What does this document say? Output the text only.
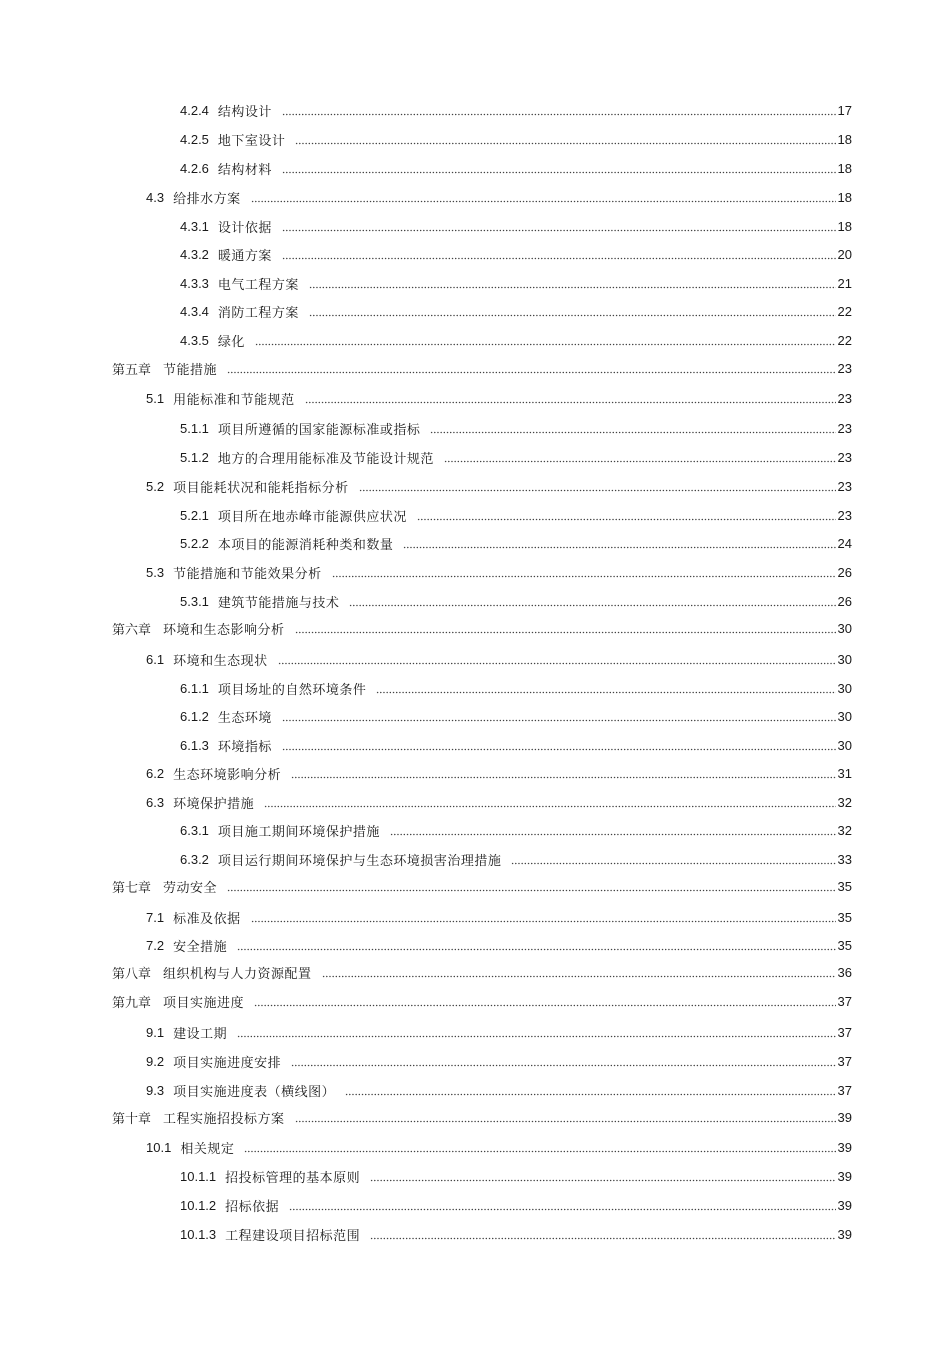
4.2.4 结构设计	17
4.2.5 地下室设计	18
4.2.6 结构材料	18
4.3 给排水方案	18
4.3.1 设计依据	18
4.3.2 暖通方案	20
4.3.3 电气工程方案	21
4.3.4 消防工程方案	22
4.3.5 绿化	22
第五章 节能措施	23
5.1 用能标准和节能规范	23
5.1.1 项目所遵循的国家能源标准或指标	23
5.1.2 地方的合理用能标准及节能设计规范	23
5.2 项目能耗状况和能耗指标分析	23
5.2.1 项目所在地赤峰市能源供应状况	23
5.2.2 本项目的能源消耗种类和数量	24
5.3 节能措施和节能效果分析	26
5.3.1 建筑节能措施与技术	26
第六章 环境和生态影响分析	30
6.1 环境和生态现状	30
6.1.1 项目场址的自然环境条件	30
6.1.2 生态环境	30
6.1.3 环境指标	30
6.2 生态环境影响分析	31
6.3 环境保护措施	32
6.3.1 项目施工期间环境保护措施	32
6.3.2 项目运行期间环境保护与生态环境损害治理措施	33
第七章 劳动安全	35
7.1 标准及依据	35
7.2 安全措施	35
第八章 组织机构与人力资源配置	36
第九章 项目实施进度	37
9.1 建设工期	37
9.2 项目实施进度安排	37
9.3 项目实施进度表（横线图）	37
第十章 工程实施招投标方案	39
10.1 相关规定	39
10.1.1 招投标管理的基本原则	39
10.1.2 招标依据	39
10.1.3 工程建设项目招标范围	39
